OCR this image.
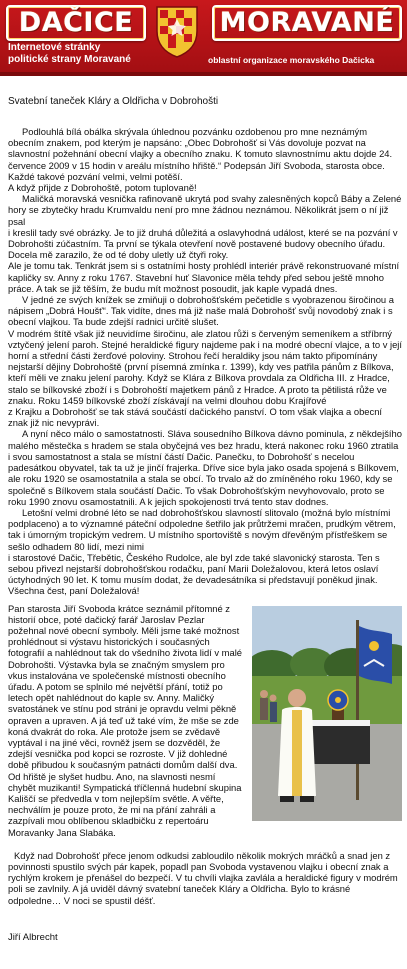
DAČICE	MORAVANÉ
Internetové stránky
politické strany Moravané	oblastní organizace moravského Dačicka
Svatební taneček Kláry a Oldřicha v Dobrohošti

Podlouhlá bílá obálka skrývala úhlednou pozvánku ozdobenou pro mne neznámým obecním znakem, pod kterým je napsáno: „Obec Dobrohošť si Vás dovoluje pozvat na slavnostní požehnání obecní vlajky a obecního znaku. K tomuto slavnostnímu aktu dojde 24. července 2009 v 15 hodin v areálu místního hřiště.“ Podepsán Jiří Svoboda, starosta obce. Každé takové pozvání velmi, velmi potěší.

A když přijde z Dobrohoště, potom tuplovaně!

Maličká moravská vesnička rafinovaně ukrytá pod svahy zalesněných kopců Báby a Zelené hory se zbytečky hradu Krumvaldu není pro mne žádnou neznámou. Několikrát jsem o ní již psal

i kreslil tady své obrázky. Je to již druhá důležitá a oslavyhodná událost, které se na pozvání v Dobrohošti zúčastním. Ta první se týkala otevření nově postavené budovy obecního úřadu. Docela mě zarazilo, že od té doby uletly už čtyři roky.

Ale je tomu tak. Tenkrát jsem si s ostatními hosty prohlédl interiér právě rekonstruované místní kapličky sv. Anny z roku 1767. Stavební huť Slavonice měla tehdy před sebou ještě mnoho práce. A tak se již těším, že budu mít možnost posoudit, jak kaple vypadá dnes.

V jedné ze svých knížek se zmiňuji o dobrohošťském pečetidle s vyobrazenou širočinou a nápisem „Dobrá Houšť“. Tak vidíte, dnes má již naše malá Dobrohošť svůj novodobý znak i s obecní vlajkou. Ta bude zdejší radnici určitě slušet.

V modrém štítě však již neuvidíme širočinu, ale zlatou růži s červeným semeníkem a stříbrný vztyčený jelení paroh. Stejné heraldické figury najdeme pak i na modré obecní vlajce, a to v její horní a střední části žerďové poloviny. Strohou řečí heraldiky jsou nám takto připomínány nejstarší dějiny Dobrohoště (první písemná zmínka r. 1399), kdy ves patřila pánům z Bílkova, kteří měli ve znaku jelení parohy. Když se Klára z Bílkova provdala za Oldřicha III. z Hradce, stalo se bílkovské zboží i s Dobrohoští majetkem pánů z Hradce. A proto ta pětilistá růže ve znaku. Roku 1459 bílkovské zboží získávají na velmi dlouhou dobu Krajířové

z Krajku a Dobrohošť se tak stává součástí dačického panství. O tom však vlajka a obecní znak již nic nevyprávi.

A nyní něco málo o samostatnosti. Sláva sousedního Bílkova dávno pominula, z někdejšího malého městečka s hradem se stala obyčejná ves bez hradu, která nakonec roku 1960 ztratila i svou samostatnost a stala se místní částí Dačic. Panečku, to Dobrohošť s necelou padesátkou obyvatel, tak ta už je jinčí frajerka. Dříve sice byla jako osada spojená s Bílkovem, ale roku 1920 se osamostatnila a stala se obcí. To trvalo až do zmíněného roku 1960, kdy se společně s Bílkovem stala součástí Dačic. To však Dobrohošťským nevyhovovalo, proto se roku 1990 znovu osamostatnili. A k jejich spokojenosti trvá tento stav dodnes.

Letošní velmi drobné léto se nad dobrohošťskou slavností slitovalo (možná bylo místními podplaceno) a to významné páteční odpoledne šetřilo jak průtržemi mračen, prudkým větrem, tak i úmorným tropickým vedrem. U místního sportoviště s novým dřevěným přístřeškem se sešlo odhadem 80 lidí, mezi nimi

i starostové Dačic, Třebětic, Českého Rudolce, ale byl zde také slavonický starosta. Ten s sebou přivezl nejstarší dobrohošťskou rodačku, paní Marii Doležalovou, která letos oslaví úctyhodných 90 let. K tomu musím dodat, že devadesátníka si představují poněkud jinak. Všechna čest, paní Doležalová!

Pan starosta Jiří Svoboda krátce seznámil přítomné z historií obce, poté dačický farář Jaroslav Pezlar požehnal nové obecní symboly. Měli jsme také možnost prohlédnout si výstavu historických i současných fotografií a nahlédnout tak do všedního života lidí v malé Dobrohošti. Výstavka byla se značným smyslem pro vkus instalována ve společenské místnosti obecního úřadu. A potom se splnilo mé největší přání, totiž po letech opět nahlédnout do kaple sv. Anny. Maličký svatostánek ve stínu pod stráni je opravdu velmi pěkně opraven a upraven. A já teď už také vím, že mše se zde koná dvakrát do roka. Ale protože jsem se zvědavě vyptával i na jiné věci, rovněž jsem se dozvěděl, že zdejší vesnička pod kopci se rozroste. V již dohledné době přibudou k současným patnácti domům další dva. Od hřiště je slyšet hudbu. Ano, na slavnosti nesmí chybět muzikanti! Sympatická tříčlenná hudební skupina Kališčí se předvedla v tom nejlepším světle. A věřte, nechválím je pouze proto, že mi na přání zahráli a zazpívali mou oblíbenou skladbičku z repertoáru Moravanky Jana Slabáka.

Když nad Dobrohošť přece jenom odkudsi zabloudilo několik mokrých mráčků a snad jen z povinnosti spustilo svých pár kapek, popadl pan Svoboda vystavenou vlajku i obecní znak a rychlým krokem je přenášel do bezpečí. V tu chvíli vlajka zavlála a heraldické figury v modrém poli se zavlnily. A já uviděl dávný svatební taneček Kláry a Oldřicha. Bylo to krásné odpoledne… V noci se spustil déšť.

Jiří Albrecht
